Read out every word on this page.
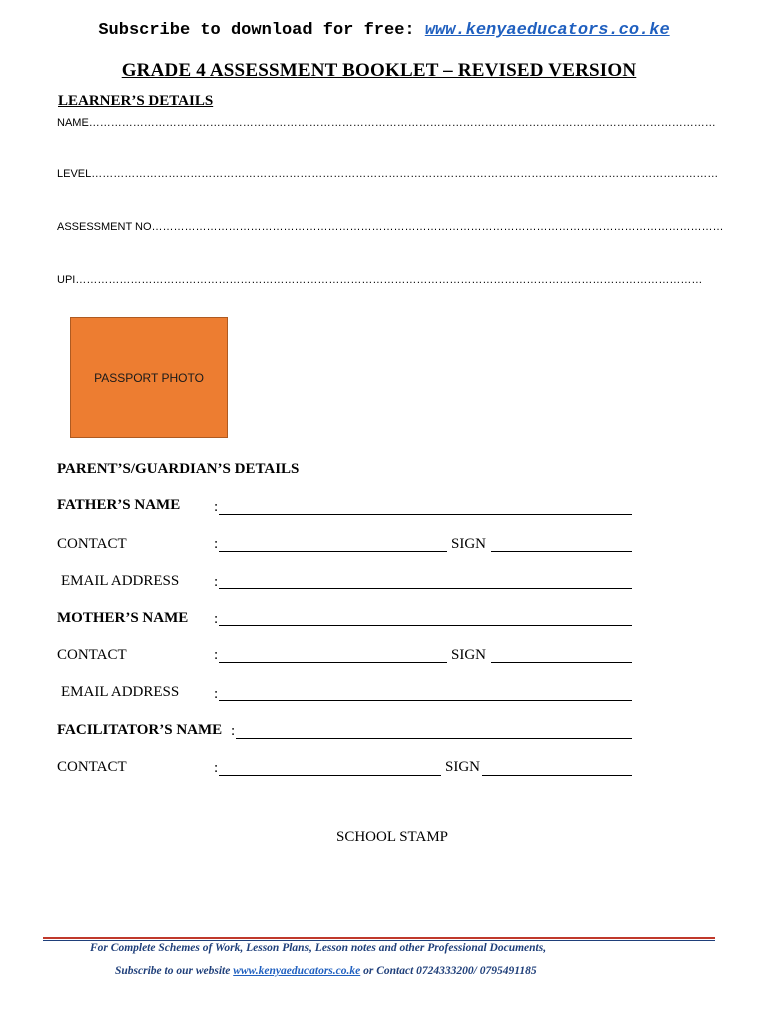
Subscribe to download for free: www.kenyaeducators.co.ke
GRADE 4 ASSESSMENT BOOKLET – REVISED VERSION
LEARNER’S DETAILS
NAME………………………………………………………………………………………………………………………………………………………
LEVEL………………………………………………………………………………………………………………………………………………………
ASSESSMENT NO…………………………………………………………………………………………………………………………………………
UPI………………………………………………………………………………………………………………………………………………………
PASSPORT PHOTO
PARENT’S/GUARDIAN’S DETAILS
FATHER’S NAME :
CONTACT	:	SIGN
EMAIL ADDRESS :
MOTHER’S NAME :
CONTACT	:	SIGN
EMAIL ADDRESS :
FACILITATOR’S NAME :
CONTACT	:	SIGN
SCHOOL STAMP
For Complete Schemes of Work, Lesson Plans, Lesson notes and other Professional Documents,
Subscribe to our website www.kenyaeducators.co.ke or Contact 0724333200/ 0795491185
